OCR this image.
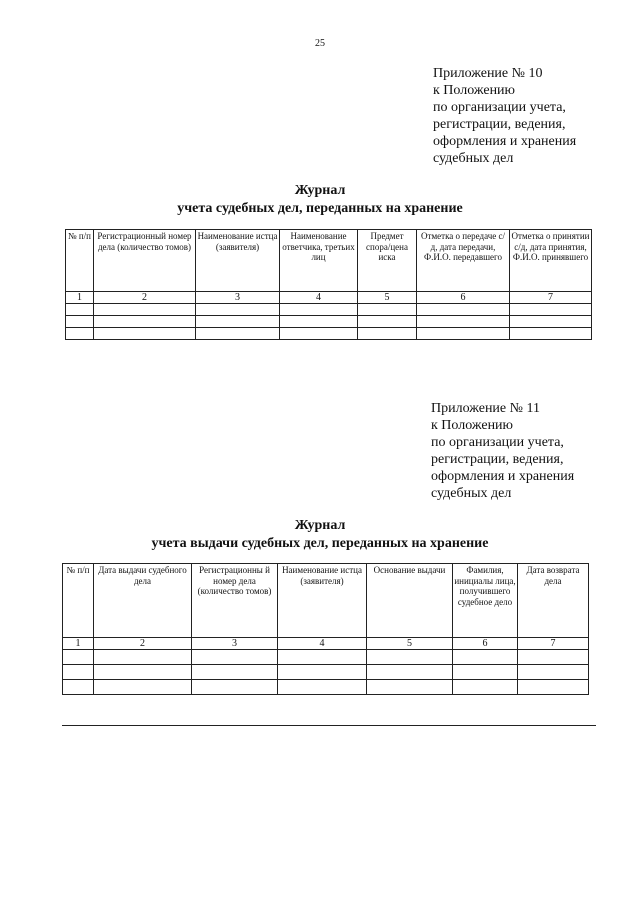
25
Приложение № 10
к Положению
по организации учета,
регистрации, ведения,
оформления и хранения
судебных дел
Журнал
учета судебных дел, переданных на хранение
№ п/п	Регистрационный номер дела (количество томов)	Наименование истца (заявителя)	Наименование ответчика, третьих лиц	Предмет спора/цена иска	Отметка о передаче с/д, дата передачи, Ф.И.О. передавшего	Отметка о принятии с/д, дата принятия, Ф.И.О. принявшего
1	2	3	4	5	6	7

Приложение № 11
к Положению
по организации учета,
регистрации, ведения,
оформления и хранения
судебных дел
Журнал
учета выдачи судебных дел, переданных на хранение
№ п/п	Дата выдачи судебного дела	Регистрационны й номер дела (количество томов)	Наименование истца (заявителя)	Основание выдачи	Фамилия, инициалы лица, получившего судебное дело	Дата возврата дела
1	2	3	4	5	6	7
